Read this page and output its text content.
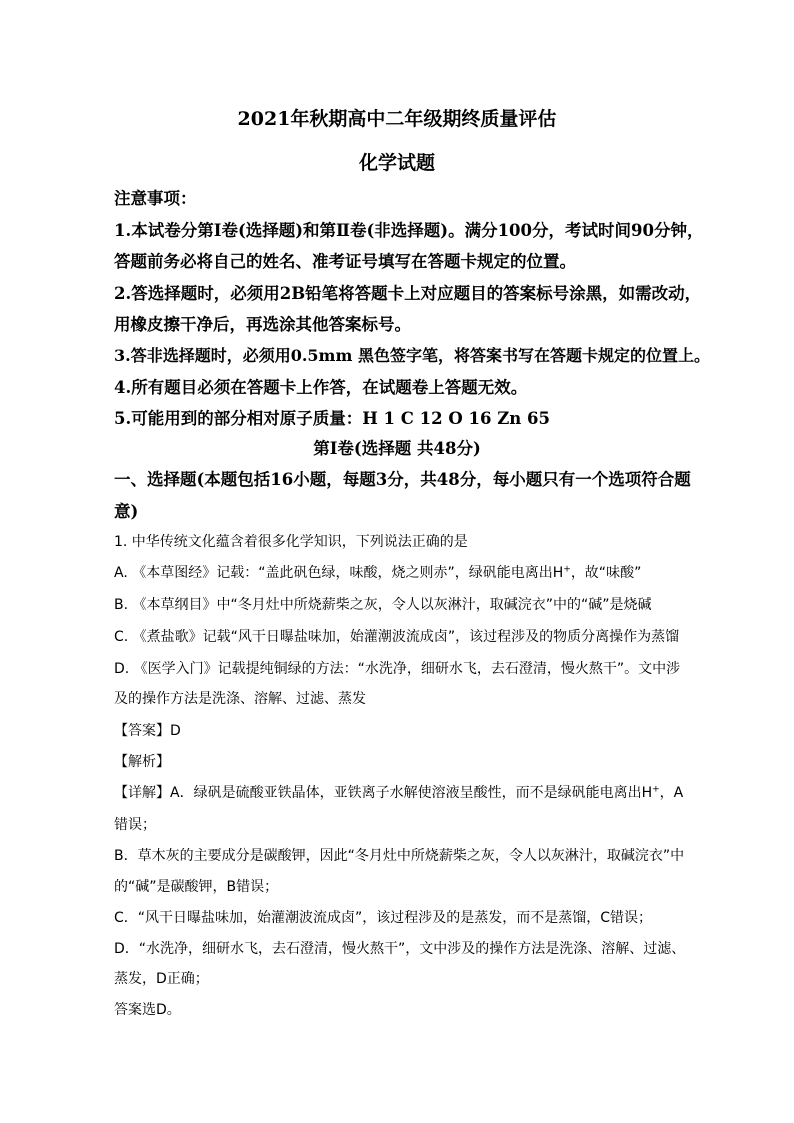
2021年秋期高中二年级期终质量评估
化学试题
注意事项：
1.本试卷分第Ⅰ卷(选择题)和第Ⅱ卷(非选择题)。满分100分，考试时间90分钟，
答题前务必将自己的姓名、准考证号填写在答题卡规定的位置。
2.答选择题时，必须用2B铅笔将答题卡上对应题目的答案标号涂黑，如需改动，
用橡皮擦干净后，再选涂其他答案标号。
3.答非选择题时，必须用0.5mm 黑色签字笔，将答案书写在答题卡规定的位置上。
4.所有题目必须在答题卡上作答，在试题卷上答题无效。
5.可能用到的部分相对原子质量：H 1 C 12 O 16 Zn 65
第Ⅰ卷(选择题 共48分)
一、选择题(本题包括16小题，每题3分，共48分，每小题只有一个选项符合题
意)
1. 中华传统文化蕴含着很多化学知识，下列说法正确的是
A. 《本草图经》记载：“盖此矾色绿，味酸，烧之则赤”，绿矾能电离出H+，故“味酸”
B. 《本草纲目》中“冬月灶中所烧薪柴之灰，令人以灰淋汁，取碱浣衣”中的“碱”是烧碱
C. 《煮盐歌》记载“风干日曝盐味加，始灌潮波流成卤”，该过程涉及的物质分离操作为蒸馏
D. 《医学入门》记载提纯铜绿的方法：“水洗净，细研水飞，去石澄清，慢火熬干”。文中涉
及的操作方法是洗涤、溶解、过滤、蒸发
【答案】D
【解析】
【详解】A．绿矾是硫酸亚铁晶体，亚铁离子水解使溶液呈酸性，而不是绿矾能电离出H+，A
错误；
B．草木灰的主要成分是碳酸钾，因此“冬月灶中所烧薪柴之灰，令人以灰淋汁，取碱浣衣”中
的“碱”是碳酸钾，B错误；
C．“风干日曝盐味加，始灌潮波流成卤”，该过程涉及的是蒸发，而不是蒸馏，C错误；
D．“水洗净，细研水飞，去石澄清，慢火熬干”，文中涉及的操作方法是洗涤、溶解、过滤、
蒸发，D正确；
答案选D。
